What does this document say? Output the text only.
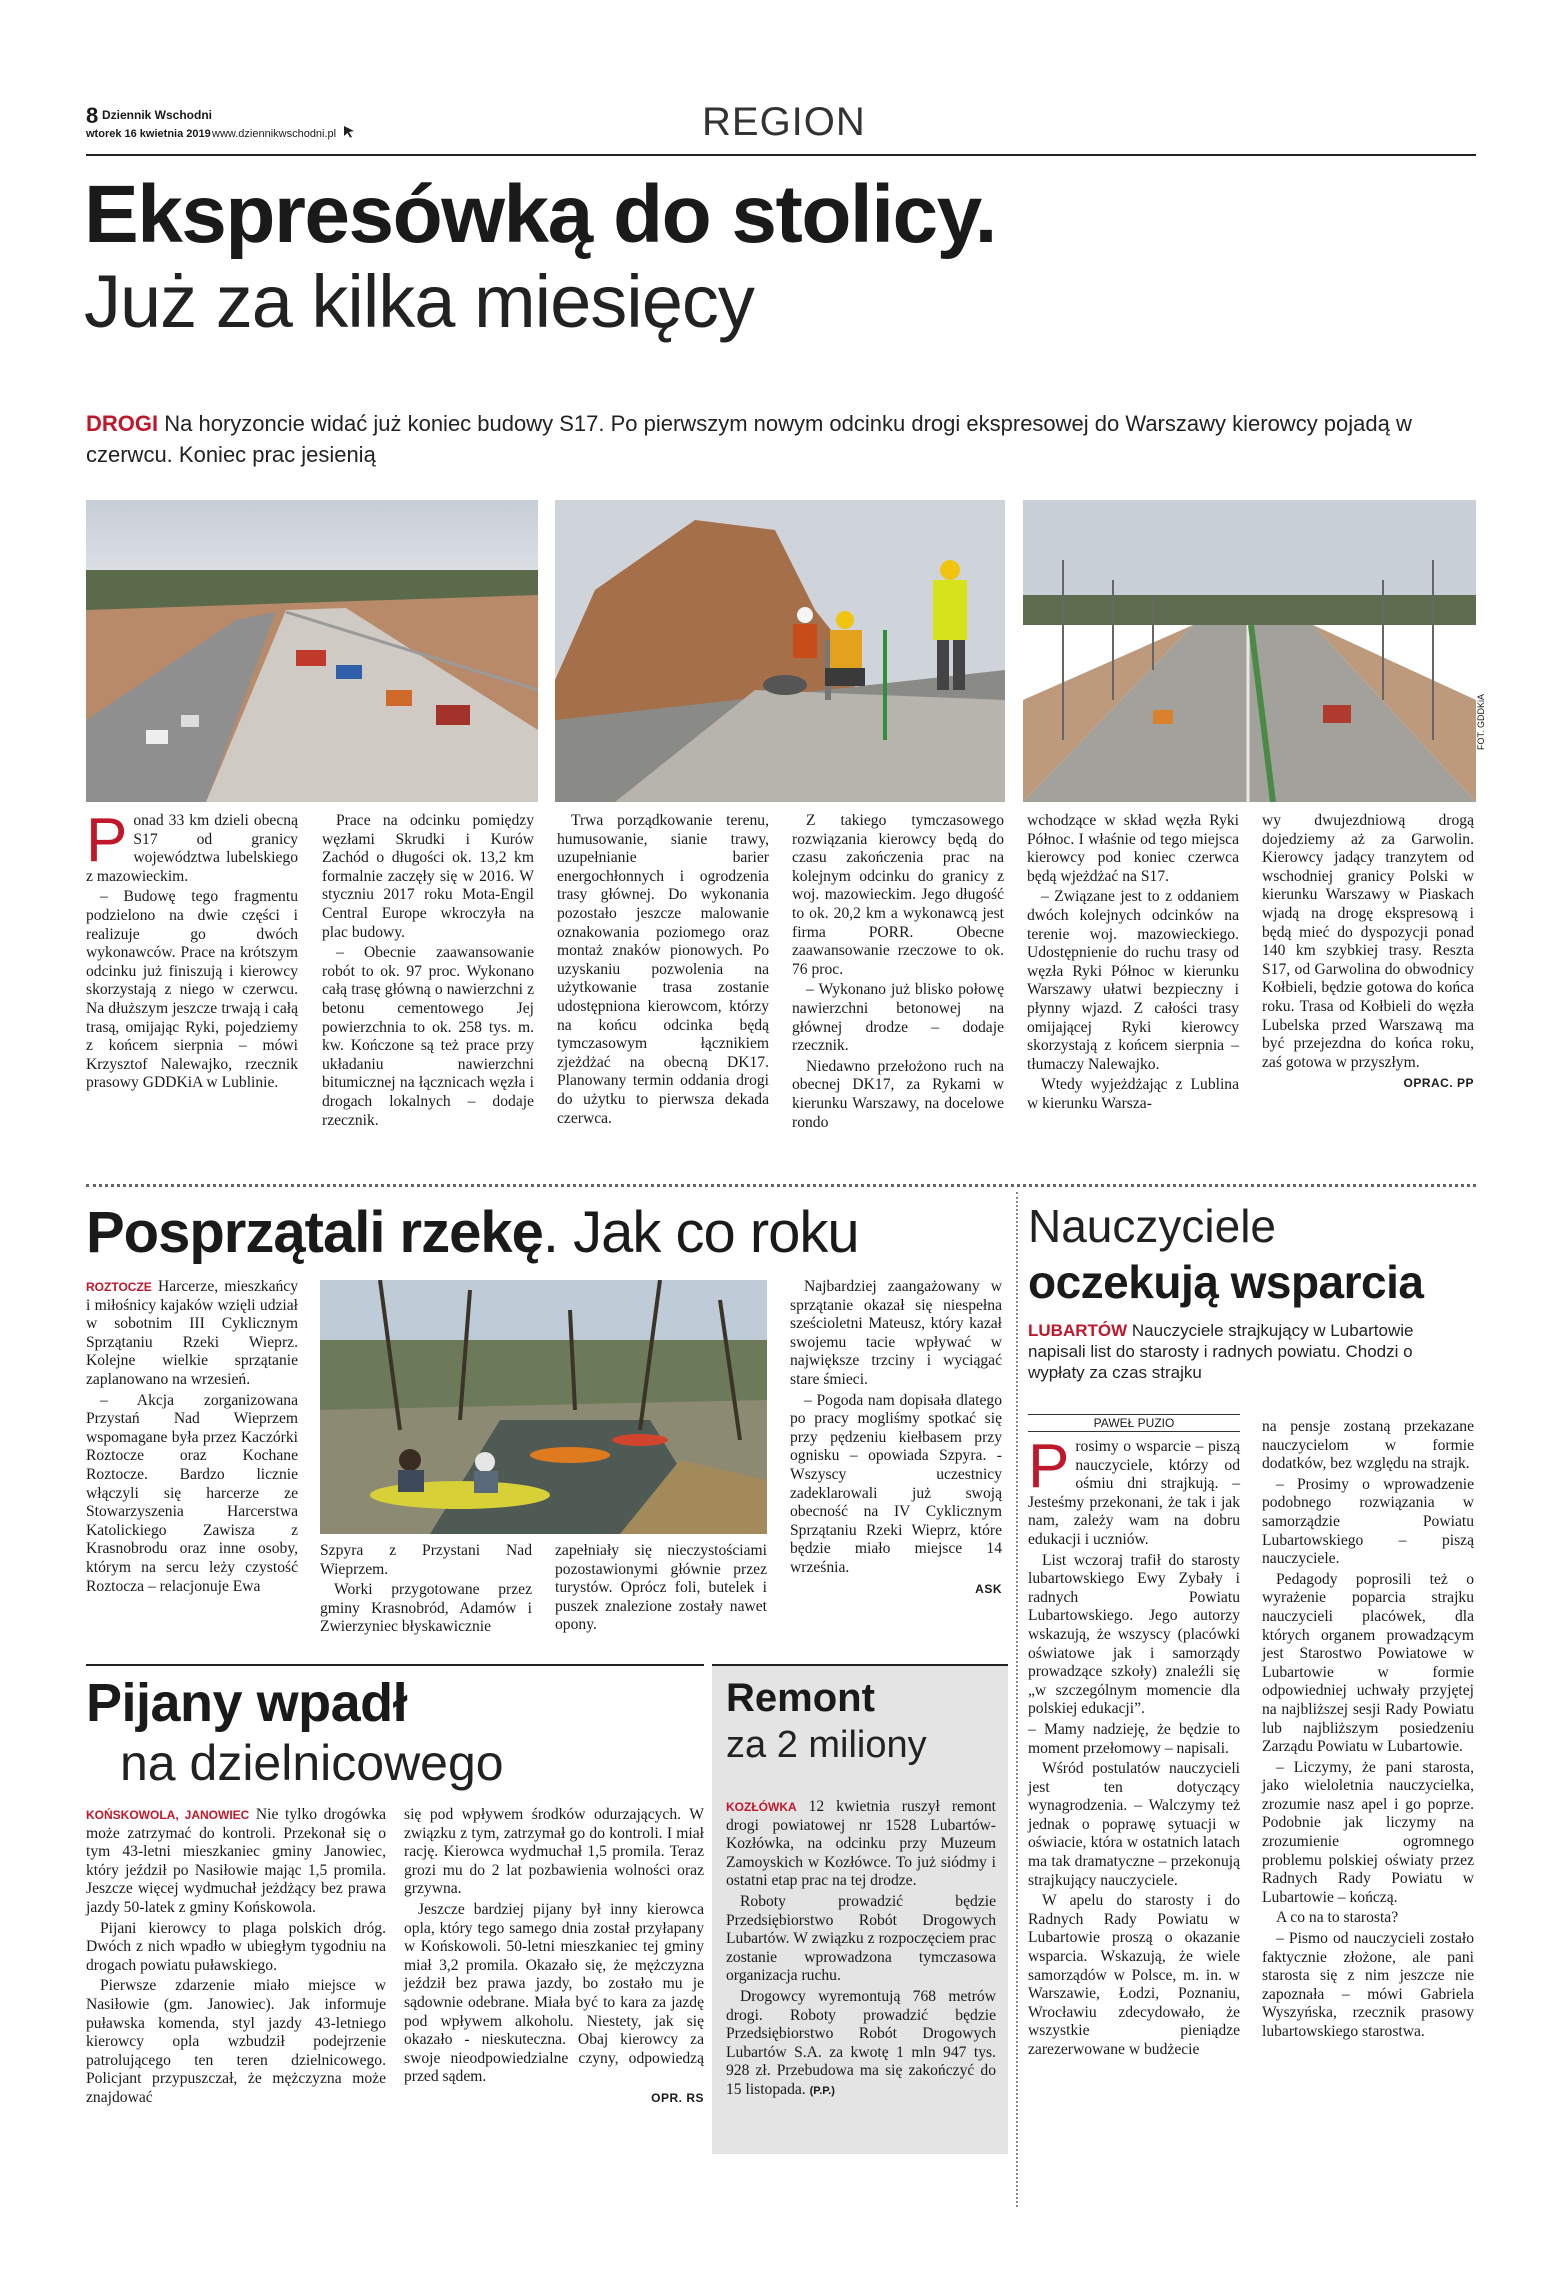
8 Dziennik Wschodni
wtorek 16 kwietnia 2019 www.dziennikwschodni.pl	REGION
Ekspresówką do stolicy.
Już za kilka miesięcy
DROGI Na horyzoncie widać już koniec budowy S17. Po pierwszym nowym odcinku drogi ekspresowej do Warszawy kierowcy pojadą w czerwcu. Koniec prac jesienią
FOT. GDDKiA
P onad 33 km dzieli obecną S17 od granicy województwa lubelskiego z mazowieckim.

– Budowę tego fragmentu podzielono na dwie części i realizuje go dwóch wykonawców. Prace na krótszym odcinku już finiszują i kierowcy skorzystają z niego w czerwcu. Na dłuższym jeszcze trwają i całą trasą, omijając Ryki, pojedziemy z końcem sierpnia – mówi Krzysztof Nalewajko, rzecznik prasowy GDDKiA w Lublinie.

Prace na odcinku pomiędzy węzłami Skrudki i Kurów Zachód o długości ok. 13,2 km formalnie zaczęły się w 2016. W styczniu 2017 roku Mota-Engil Central Europe wkroczyła na plac budowy.

– Obecnie zaawansowanie robót to ok. 97 proc. Wykonano całą trasę główną o nawierzchni z betonu cementowego Jej powierzchnia to ok. 258 tys. m. kw. Kończone są też prace przy układaniu nawierzchni bitumicznej na łącznicach węzła i drogach lokalnych – dodaje rzecznik.

Trwa porządkowanie terenu, humusowanie, sianie trawy, uzupełnianie barier energochłonnych i ogrodzenia trasy głównej. Do wykonania pozostało jeszcze malowanie oznakowania poziomego oraz montaż znaków pionowych. Po uzyskaniu pozwolenia na użytkowanie trasa zostanie udostępniona kierowcom, którzy na końcu odcinka będą tymczasowym łącznikiem zjeżdżać na obecną DK17. Planowany termin oddania drogi do użytku to pierwsza dekada czerwca.

Z takiego tymczasowego rozwiązania kierowcy będą do czasu zakończenia prac na kolejnym odcinku do granicy z woj. mazowieckim. Jego długość to ok. 20,2 km a wykonawcą jest firma PORR. Obecne zaawansowanie rzeczowe to ok. 76 proc.

– Wykonano już blisko połowę nawierzchni betonowej na głównej drodze – dodaje rzecznik.

Niedawno przełożono ruch na obecnej DK17, za Rykami w kierunku Warszawy, na docelowe rondo

wchodzące w skład węzła Ryki Północ. I właśnie od tego miejsca kierowcy pod koniec czerwca będą wjeżdżać na S17.

– Związane jest to z oddaniem dwóch kolejnych odcinków na terenie woj. mazowieckiego. Udostępnienie do ruchu trasy od węzła Ryki Północ w kierunku Warszawy ułatwi bezpieczny i płynny wjazd. Z całości trasy omijającej Ryki kierowcy skorzystają z końcem sierpnia – tłumaczy Nalewajko.

Wtedy wyjeżdżając z Lublina w kierunku Warsza-

wy dwujezdniową drogą dojedziemy aż za Garwolin. Kierowcy jadący tranzytem od wschodniej granicy Polski w kierunku Warszawy w Piaskach wjadą na drogę ekspresową i będą mieć do dyspozycji ponad 140 km szybkiej trasy. Reszta S17, od Garwolina do obwodnicy Kołbieli, będzie gotowa do końca roku. Trasa od Kołbieli do węzła Lubelska przed Warszawą ma być przejezdna do końca roku, zaś gotowa w przyszłym.

OPRAC. PP
Posprzątali rzekę. Jak co roku

ROZTOCZE Harcerze, mieszkańcy i miłośnicy kajaków wzięli udział w sobotnim III Cyklicznym Sprzątaniu Rzeki Wieprz. Kolejne wielkie sprzątanie zaplanowano na wrzesień.

– Akcja zorganizowana Przystań Nad Wieprzem wspomagane była przez Kaczórki Roztocze oraz Kochane Roztocze. Bardzo licznie włączyli się harcerze ze Stowarzyszenia Harcerstwa Katolickiego Zawisza z Krasnobrodu oraz inne osoby, którym na sercu leży czystość Roztocza – relacjonuje Ewa

Szpyra z Przystani Nad Wieprzem.

Worki przygotowane przez gminy Krasnobród, Adamów i Zwierzyniec błyskawicznie

zapełniały się nieczystościami pozostawionymi głównie przez turystów. Oprócz foli, butelek i puszek znalezione zostały nawet opony.

Najbardziej zaangażowany w sprzątanie okazał się niespełna sześcioletni Mateusz, który kazał swojemu tacie wpływać w największe trzciny i wyciągać stare śmieci.

– Pogoda nam dopisała dlatego po pracy mogliśmy spotkać się przy pędzeniu kiełbasem przy ognisku – opowiada Szpyra. - Wszyscy uczestnicy zadeklarowali już swoją obecność na IV Cyklicznym Sprzątaniu Rzeki Wieprz, które będzie miało miejsce 14 września.

ASK
Nauczyciele
oczekują wsparcia
LUBARTÓW Nauczyciele strajkujący w Lubartowie napisali list do starosty i radnych powiatu. Chodzi o wypłaty za czas strajku
PAWEŁ PUZIO
P rosimy o wsparcie – piszą nauczyciele, którzy od ośmiu dni strajkują. – Jesteśmy przekonani, że tak i jak nam, zależy wam na dobru edukacji i uczniów.

List wczoraj trafił do starosty lubartowskiego Ewy Zybały i radnych Powiatu Lubartowskiego. Jego autorzy wskazują, że wszyscy (placówki oświatowe jak i samorządy prowadzące szkoły) znaleźli się „w szczególnym momencie dla polskiej edukacji”.

– Mamy nadzieję, że będzie to moment przełomowy – napisali.

Wśród postulatów nauczycieli jest ten dotyczący wynagrodzenia. – Walczymy też jednak o poprawę sytuacji w oświacie, która w ostatnich latach ma tak dramatyczne – przekonują strajkujący nauczyciele.

W apelu do starosty i do Radnych Rady Powiatu w Lubartowie proszą o okazanie wsparcia. Wskazują, że wiele samorządów w Polsce, m. in. w Warszawie, Łodzi, Poznaniu, Wrocławiu zdecydowało, że wszystkie pieniądze zarezerwowane w budżecie

na pensje zostaną przekazane nauczycielom w formie dodatków, bez względu na strajk.

– Prosimy o wprowadzenie podobnego rozwiązania w samorządzie Powiatu Lubartowskiego – piszą nauczyciele.

Pedagody poprosili też o wyrażenie poparcia strajku nauczycieli placówek, dla których organem prowadzącym jest Starostwo Powiatowe w Lubartowie w formie odpowiedniej uchwały przyjętej na najbliższej sesji Rady Powiatu lub najbliższym posiedzeniu Zarządu Powiatu w Lubartowie.

– Liczymy, że pani starosta, jako wieloletnia nauczycielka, zrozumie nasz apel i go poprze. Podobnie jak liczymy na zrozumienie ogromnego problemu polskiej oświaty przez Radnych Rady Powiatu w Lubartowie – kończą.

A co na to starosta?

– Pismo od nauczycieli zostało faktycznie złożone, ale pani starosta się z nim jeszcze nie zapoznała – mówi Gabriela Wyszyńska, rzecznik prasowy lubartowskiego starostwa.

Pijany wpadł
na dzielnicowego

KOŃSKOWOLA, JANOWIEC Nie tylko drogówka może zatrzymać do kontroli. Przekonał się o tym 43-letni mieszkaniec gminy Janowiec, który jeździł po Nasiłowie mając 1,5 promila. Jeszcze więcej wydmuchał jeżdżący bez prawa jazdy 50-latek z gminy Końskowola.

Pijani kierowcy to plaga polskich dróg. Dwóch z nich wpadło w ubiegłym tygodniu na drogach powiatu puławskiego.

Pierwsze zdarzenie miało miejsce w Nasiłowie (gm. Janowiec). Jak informuje puławska komenda, styl jazdy 43-letniego kierowcy opla wzbudził podejrzenie patrolującego ten teren dzielnicowego. Policjant przypuszczał, że mężczyzna może znajdować

się pod wpływem środków odurzających. W związku z tym, zatrzymał go do kontroli. I miał rację. Kierowca wydmuchał 1,5 promila. Teraz grozi mu do 2 lat pozbawienia wolności oraz grzywna.

Jeszcze bardziej pijany był inny kierowca opla, który tego samego dnia został przyłapany w Końskowoli. 50-letni mieszkaniec tej gminy miał 3,2 promila. Okazało się, że mężczyzna jeździł bez prawa jazdy, bo zostało mu je sądownie odebrane. Miała być to kara za jazdę pod wpływem alkoholu. Niestety, jak się okazało - nieskuteczna. Obaj kierowcy za swoje nieodpowiedzialne czyny, odpowiedzą przed sądem.

OPR. RS
Remont
za 2 miliony

KOZŁÓWKA 12 kwietnia ruszył remont drogi powiatowej nr 1528 Lubartów-Kozłówka, na odcinku przy Muzeum Zamoyskich w Kozłówce. To już siódmy i ostatni etap prac na tej drodze.

Roboty prowadzić będzie Przedsiębiorstwo Robót Drogowych Lubartów. W związku z rozpoczęciem prac zostanie wprowadzona tymczasowa organizacja ruchu.

Drogowcy wyremontują 768 metrów drogi. Roboty prowadzić będzie Przedsiębiorstwo Robót Drogowych Lubartów S.A. za kwotę 1 mln 947 tys. 928 zł. Przebudowa ma się zakończyć do 15 listopada. (P.P.)
